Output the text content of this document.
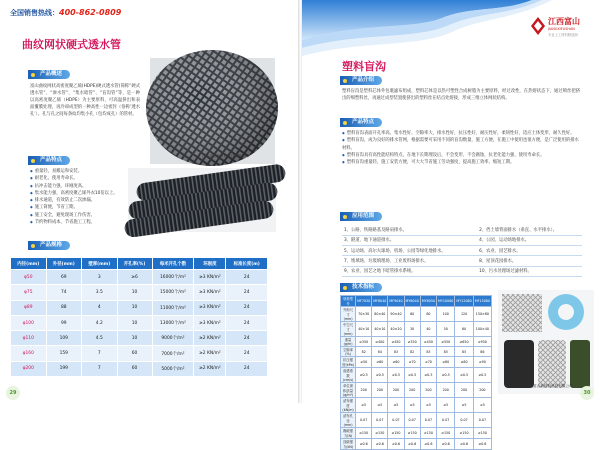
全国销售热线：400-862-0809
曲纹网状硬式透水管
产品概述
富山曲纹网状高密度聚乙烯(HDPE)硬式透水管(简称“硬式透水管”、“渗水管”、“集水暗管”、“盲沟管”等，是一种以高密度聚乙烯（HDPE）为主要原料，可高温挤出和表面覆膜处理，再冷却成型的一种高性一边密封（俗称‘透水孔’）。孔与孔之间每条纹均集小孔（包均成孔）的管材。
江西富山新材料科技有限公司
产品特点
◆ 重量轻，易搬运和安装。
◆ 耐老化，使用寿命长。
◆ 抗冲击能力强，环刚度高。
◆ 集水能力强，高密度聚乙烯外衣10倍以上。
◆ 排水通道，有效防止二次渗漏。
◆ 施工简便，节省工期。
◆ 施工安全，避免现场工作伤害。
◆ 节约物料成本，节省施工工程。
产品规格
内径(mm)	外径(mm)	壁厚(mm)	开孔率(%)	每米开孔个数	环刚度	标准长度(m)
φ50	69	3	≥6	16000个/m²	≥3 KN/m²	24
φ75	74	3.5	10	15000个/m²	≥3 KN/m²	24
φ89	88	4	10	11000个/m²	≥3 KN/m²	24
φ100	99	4.2	10	13000个/m²	≥3 KN/m²	24
φ110	109	4.5	10	9000个/m²	≥2 KN/m²	24
φ160	159	7	60	7000个/m²	≥2 KN/m²	24
φ200	199	7	60	5000个/m²	≥2 KN/m²	24
29
江西富山
JIANGXIFUSHAN
专业土工材料制造商
塑料盲沟
产品介绍
塑料盲沟是塑料芯体外包裹滤布组成，塑料芯体是以热可塑性合成树脂为主要原料，经过改性，在热熔状态下，通过喷丝把挤出的细塑料丝，再通过成型装置使挤出的塑料丝在结点处熔接，形成三维立体网状结构。
产品特点
◆ 塑料盲沟表面开孔率高，集水性好，空隙率大，排水性好，抗压性好，耐压性好，柔韧性好，适应土体变形，耐久性好。
◆ 塑料盲沟，成为良好的排水管网，根据需要可采用不同的盲沟数量，施工方便，在施工中使用也很方便，是广泛使用的排水材料。
◆ 塑料盲沟具有高性能结构特点，在地下长期埋设后，不会变形、不会腐蚀，抗老化能力强，使用寿命长。
◆ 塑料盲沟重量轻，施工安装方便，可大大节省施工劳动强度，提高施工效率，缩短工期。
应用范围
1、公路、铁路路基及路肩排水。	2、挡土墙背面排水（垂直、水平排水）。
3、隧道、地下通道排水。	4、公园、运动场地排水。
5、运动场、高尔夫球场、机场、公园等绿化地排水。	6、农业、园艺排水。
7、堆填场、垃圾填埋场、工业废料场排水。	8、屋顶花园排水。
9、农业、园艺之地下暗管排水系统。	10、污水处理场过滤材料。
技术指标
规格型号	MF7030	MF8040	MF9040	MY6040	MY8050	MY10060	MY12080	MF15080
外形尺寸(mm)	70×30	80×40	90×40	60	80	100	120	150×80
中空尺寸(mm)	40×10	40×10	40×20	30	40	50	60	100×40
重量(g/m)	≥350	≥400	≥450	≥350	≥450	≥550	≥650	≥950
空隙率(%)	82	84	83	82	83	85	85	86
抗压强度(kPa)	≥50	≥60	≥60	≥70	≥70	≥80	≥80	≥90
渗透系数(cm/s)	≥0.5	≥0.5	≥0.5	≥0.5	≥0.5	≥0.5	≥0.5	≥0.5
单位面积质量(g/m²)	200	200	200	200	200	200	200	200
滤布强度(kN/m)	≥5	≥5	≥5	≥5	≥5	≥5	≥5	≥5
滤布孔径(mm)	0.07	0.07	0.07	0.07	0.07	0.07	0.07	0.07
撕破强力(N)	≥150	≥150	≥150	≥150	≥150	≥150	≥150	≥150
顶破强力(kN)	≥0.6	≥0.6	≥0.6	≥0.6	≥0.6	≥0.6	≥0.6	≥0.6
江西富山新材料科技有限公司
30
